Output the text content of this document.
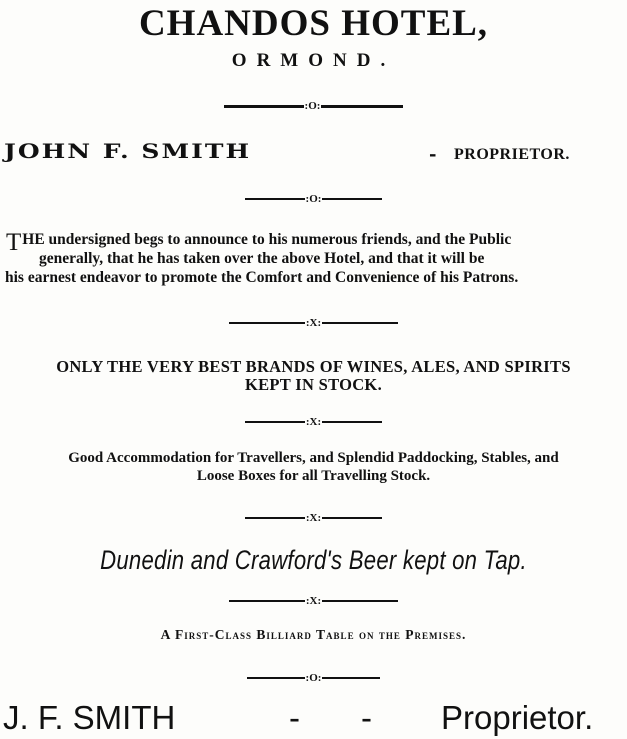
CHANDOS HOTEL,
ORMOND.
:O:
JOHN F. SMITH	- PROPRIETOR.
:O:
T HE undersigned begs to announce to his numerous friends, and the Public
generally, that he has taken over the above Hotel, and that it will be
his earnest endeavor to promote the Comfort and Convenience of his Patrons.
:X:
ONLY THE VERY BEST BRANDS OF WINES, ALES, AND SPIRITS
KEPT IN STOCK.
:X:
Good Accommodation for Travellers, and Splendid Paddocking, Stables, and
Loose Boxes for all Travelling Stock.
:X:
Dunedin and Crawford's Beer kept on Tap.
:X:
A First-Class Billiard Table on the Premises.
:O:
J. F. SMITH	- - Proprietor.
